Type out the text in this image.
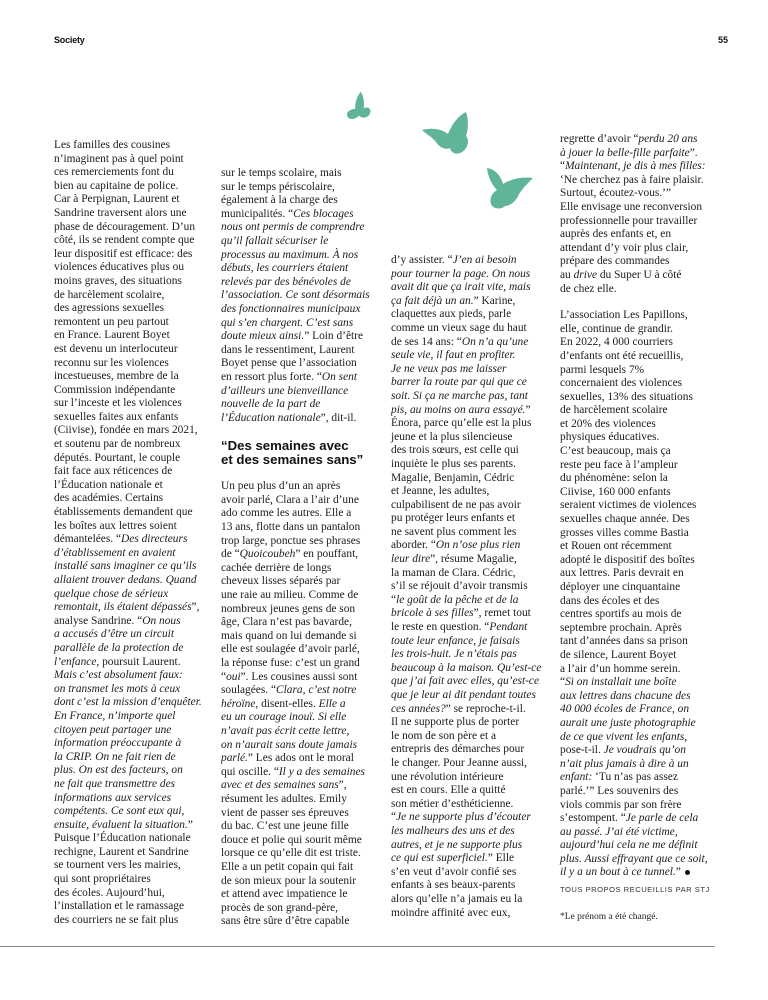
Society	55

Les familles des cousines
n’imaginent pas à quel point
ces remerciements font du
bien au capitaine de police.
Car à Perpignan, Laurent et
Sandrine traversent alors une
phase de découragement. D’un
côté, ils se rendent compte que
leur dispositif est efficace: des
violences éducatives plus ou
moins graves, des situations
de harcèlement scolaire,
des agressions sexuelles
remontent un peu partout
en France. Laurent Boyet
est devenu un interlocuteur
reconnu sur les violences
incestueuses, membre de la
Commission indépendante
sur l’inceste et les violences
sexuelles faites aux enfants
(Ciivise), fondée en mars 2021,
et soutenu par de nombreux
députés. Pourtant, le couple
fait face aux réticences de
l’Éducation nationale et
des académies. Certains
établissements demandent que
les boîtes aux lettres soient
démantelées. “Des directeurs
d’établissement en avaient
installé sans imaginer ce qu’ils
allaient trouver dedans. Quand
quelque chose de sérieux
remontait, ils étaient dépassés”,
analyse Sandrine. “On nous
a accusés d’être un circuit
parallèle de la protection de
l’enfance, poursuit Laurent.
Mais c’est absolument faux:
on transmet les mots à ceux
dont c’est la mission d’enquêter.
En France, n’importe quel
citoyen peut partager une
information préoccupante à
la CRIP. On ne fait rien de
plus. On est des facteurs, on
ne fait que transmettre des
informations aux services
compétents. Ce sont eux qui,
ensuite, évaluent la situation.”
Puisque l’Éducation nationale
rechigne, Laurent et Sandrine
se tournent vers les mairies,
qui sont propriétaires
des écoles. Aujourd’hui,
l’installation et le ramassage
des courriers ne se fait plus

sur le temps scolaire, mais
sur le temps périscolaire,
également à la charge des
municipalités. “Ces blocages
nous ont permis de comprendre
qu’il fallait sécuriser le
processus au maximum. À nos
débuts, les courriers étaient
relevés par des bénévoles de
l’association. Ce sont désormais
des fonctionnaires municipaux
qui s’en chargent. C’est sans
doute mieux ainsi.” Loin d’être
dans le ressentiment, Laurent
Boyet pense que l’association
en ressort plus forte. “On sent
d’ailleurs une bienveillance
nouvelle de la part de
l’Éducation nationale”, dit-il.

“Des semaines avec
et des semaines sans”

Un peu plus d’un an après
avoir parlé, Clara a l’air d’une
ado comme les autres. Elle a
13 ans, flotte dans un pantalon
trop large, ponctue ses phrases
de “Quoicoubeh” en pouffant,
cachée derrière de longs
cheveux lisses séparés par
une raie au milieu. Comme de
nombreux jeunes gens de son
âge, Clara n’est pas bavarde,
mais quand on lui demande si
elle est soulagée d’avoir parlé,
la réponse fuse: c’est un grand
“oui”. Les cousines aussi sont
soulagées. “Clara, c’est notre
héroïne, disent-elles. Elle a
eu un courage inouï. Si elle
n’avait pas écrit cette lettre,
on n’aurait sans doute jamais
parlé.” Les ados ont le moral
qui oscille. “Il y a des semaines
avec et des semaines sans”,
résument les adultes. Emily
vient de passer ses épreuves
du bac. C’est une jeune fille
douce et polie qui sourit même
lorsque ce qu’elle dit est triste.
Elle a un petit copain qui fait
de son mieux pour la soutenir
et attend avec impatience le
procès de son grand-père,
sans être sûre d’être capable

d’y assister. “J’en ai besoin
pour tourner la page. On nous
avait dit que ça irait vite, mais
ça fait déjà un an.” Karine,
claquettes aux pieds, parle
comme un vieux sage du haut
de ses 14 ans: “On n’a qu’une
seule vie, il faut en profiter.
Je ne veux pas me laisser
barrer la route par qui que ce
soit. Si ça ne marche pas, tant
pis, au moins on aura essayé.”
Énora, parce qu’elle est la plus
jeune et la plus silencieuse
des trois sœurs, est celle qui
inquiète le plus ses parents.
Magalie, Benjamin, Cédric
et Jeanne, les adultes,
culpabilisent de ne pas avoir
pu protéger leurs enfants et
ne savent plus comment les
aborder. “On n’ose plus rien
leur dire”, résume Magalie,
la maman de Clara. Cédric,
s’il se réjouit d’avoir transmis
“le goût de la pêche et de la
bricole à ses filles”, remet tout
le reste en question. “Pendant
toute leur enfance, je faisais
les trois-huit. Je n’étais pas
beaucoup à la maison. Qu’est-ce
que j’ai fait avec elles, qu’est-ce
que je leur ai dit pendant toutes
ces années?” se reproche-t-il.
Il ne supporte plus de porter
le nom de son père et a
entrepris des démarches pour
le changer. Pour Jeanne aussi,
une révolution intérieure
est en cours. Elle a quitté
son métier d’esthéticienne.
“Je ne supporte plus d’écouter
les malheurs des uns et des
autres, et je ne supporte plus
ce qui est superficiel.” Elle
s’en veut d’avoir confié ses
enfants à ses beaux-parents
alors qu’elle n’a jamais eu la
moindre affinité avec eux,

regrette d’avoir “perdu 20 ans
à jouer la belle-fille parfaite”.
“Maintenant, je dis à mes filles:
‘Ne cherchez pas à faire plaisir.
Surtout, écoutez-vous.’”
Elle envisage une reconversion
professionnelle pour travailler
auprès des enfants et, en
attendant d’y voir plus clair,
prépare des commandes
au drive du Super U à côté
de chez elle.

L’association Les Papillons,
elle, continue de grandir.
En 2022, 4 000 courriers
d’enfants ont été recueillis,
parmi lesquels 7%
concernaient des violences
sexuelles, 13% des situations
de harcèlement scolaire
et 20% des violences
physiques éducatives.
C’est beaucoup, mais ça
reste peu face à l’ampleur
du phénomène: selon la
Ciivise, 160 000 enfants
seraient victimes de violences
sexuelles chaque année. Des
grosses villes comme Bastia
et Rouen ont récemment
adopté le dispositif des boîtes
aux lettres. Paris devrait en
déployer une cinquantaine
dans des écoles et des
centres sportifs au mois de
septembre prochain. Après
tant d’années dans sa prison
de silence, Laurent Boyet
a l’air d’un homme serein.
“Si on installait une boîte
aux lettres dans chacune des
40 000 écoles de France, on
aurait une juste photographie
de ce que vivent les enfants,
pose-t-il. Je voudrais qu’on
n’ait plus jamais à dire à un
enfant: ‘Tu n’as pas assez
parlé.’” Les souvenirs des
viols commis par son frère
s’estompent. “Je parle de cela
au passé. J’ai été victime,
aujourd’hui cela ne me définit
plus. Aussi effrayant que ce soit,
il y a un bout à ce tunnel.”

TOUS PROPOS RECUEILLIS PAR STJ
*Le prénom a été changé.
